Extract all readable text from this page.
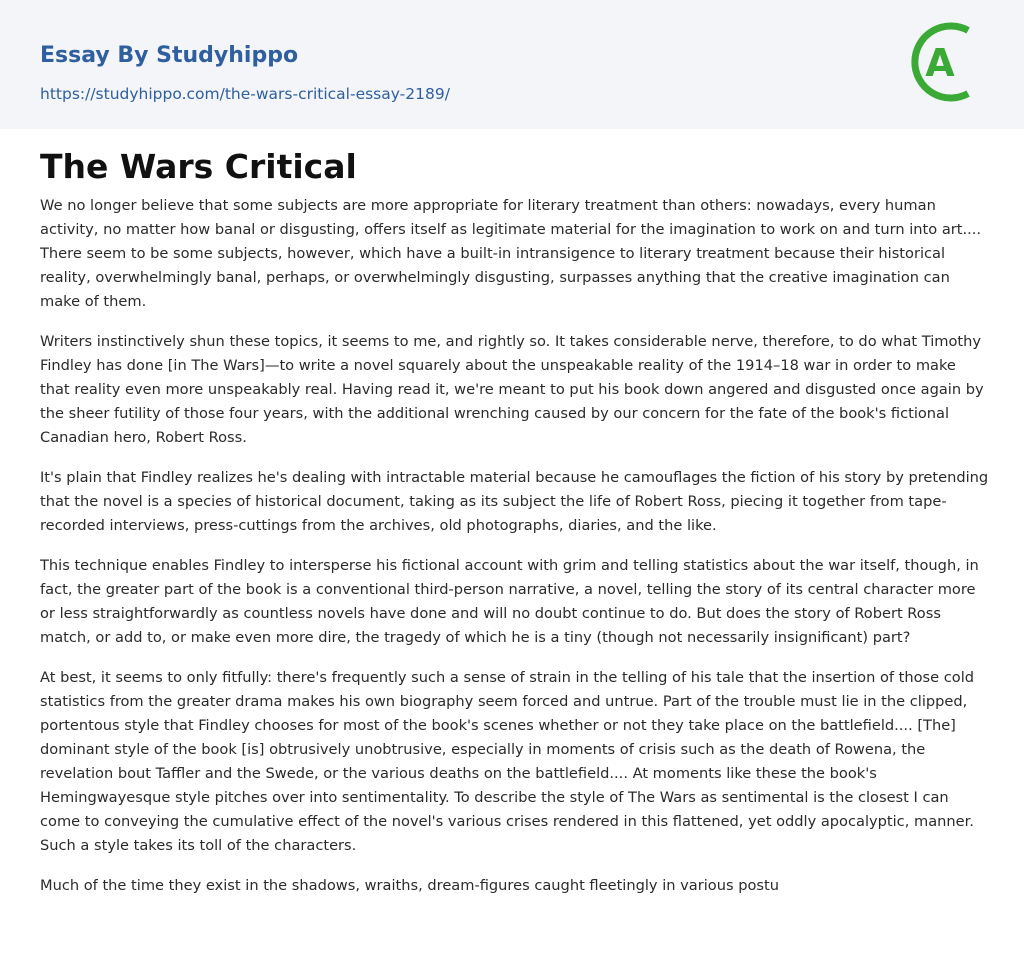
Essay By Studyhippo
https://studyhippo.com/the-wars-critical-essay-2189/
A
The Wars Critical

We no longer believe that some subjects are more appropriate for literary treatment than others: nowadays, every human activity, no matter how banal or disgusting, offers itself as legitimate material for the imagination to work on and turn into art.... There seem to be some subjects, however, which have a built-in intransigence to literary treatment because their historical reality, overwhelmingly banal, perhaps, or overwhelmingly disgusting, surpasses anything that the creative imagination can make of them.

Writers instinctively shun these topics, it seems to me, and rightly so. It takes considerable nerve, therefore, to do what Timothy Findley has done [in The Wars]—to write a novel squarely about the unspeakable reality of the 1914–18 war in order to make that reality even more unspeakably real. Having read it, we're meant to put his book down angered and disgusted once again by the sheer futility of those four years, with the additional wrenching caused by our concern for the fate of the book's fictional Canadian hero, Robert Ross.

It's plain that Findley realizes he's dealing with intractable material because he camouflages the fiction of his story by pretending that the novel is a species of historical document, taking as its subject the life of Robert Ross, piecing it together from tape-recorded interviews, press-cuttings from the archives, old photographs, diaries, and the like.

This technique enables Findley to intersperse his fictional account with grim and telling statistics about the war itself, though, in fact, the greater part of the book is a conventional third-person narrative, a novel, telling the story of its central character more or less straightforwardly as countless novels have done and will no doubt continue to do. But does the story of Robert Ross match, or add to, or make even more dire, the tragedy of which he is a tiny (though not necessarily insignificant) part?

At best, it seems to only fitfully: there's frequently such a sense of strain in the telling of his tale that the insertion of those cold statistics from the greater drama makes his own biography seem forced and untrue. Part of the trouble must lie in the clipped, portentous style that Findley chooses for most of the book's scenes whether or not they take place on the battlefield.... [The] dominant style of the book [is] obtrusively unobtrusive, especially in moments of crisis such as the death of Rowena, the revelation bout Taffler and the Swede, or the various deaths on the battlefield.... At moments like these the book's Hemingwayesque style pitches over into sentimentality. To describe the style of The Wars as sentimental is the closest I can come to conveying the cumulative effect of the novel's various crises rendered in this flattened, yet oddly apocalyptic, manner. Such a style takes its toll of the characters.

Much of the time they exist in the shadows, wraiths, dream-figures caught fleetingly in various postu
